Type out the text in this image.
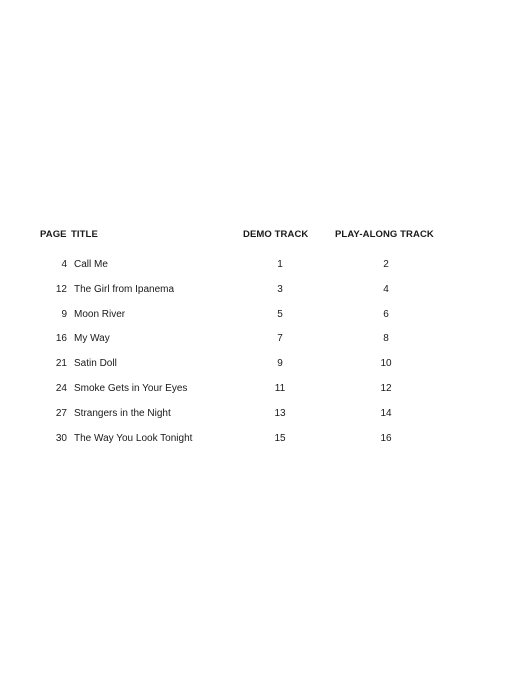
PAGE TITLE	DEMO TRACK	PLAY-ALONG TRACK
4 Call Me	1	2
12 The Girl from Ipanema	3	4
9 Moon River	5	6
16 My Way	7	8
21 Satin Doll	9	10
24 Smoke Gets in Your Eyes	11	12
27 Strangers in the Night	13	14
30 The Way You Look Tonight	15	16
